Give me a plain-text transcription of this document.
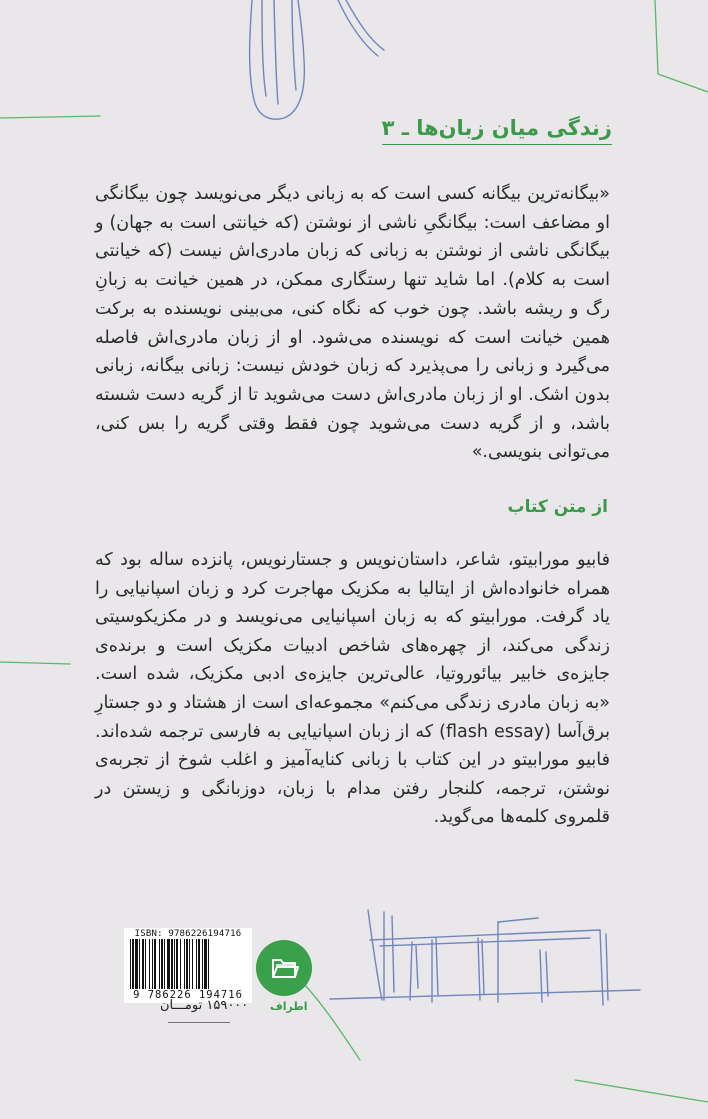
زندگی میان زبان‌ها ـ ۳

«بیگانه‌ترین بیگانه کسی است که به زبانی دیگر می‌نویسد چون بیگانگی او مضاعف است: بیگانگیِ ناشی از نوشتن (که خیانتی است به جهان) و بیگانگی ناشی از نوشتن به زبانی که زبان مادری‌اش نیست (که خیانتی است به کلام). اما شاید تنها رستگاری ممکن، در همین خیانت به زبانِ رگ و ریشه باشد. چون خوب که نگاه کنی، می‌بینی نویسنده به برکت همین خیانت است که نویسنده می‌شود. او از زبان مادری‌اش فاصله می‌گیرد و زبانی را می‌پذیرد که زبان خودش نیست: زبانی بیگانه، زبانی بدون اشک. او از زبان مادری‌اش دست می‌شوید تا از گریه دست شسته باشد، و از گریه دست می‌شوید چون فقط وقتی گریه را بس کنی، می‌توانی بنویسی.»

از متن کتاب

فابیو مورابیتو، شاعر، داستان‌نویس و جستارنویس، پانزده ساله بود که همراه خانواده‌اش از ایتالیا به مکزیک مهاجرت کرد و زبان اسپانیایی را یاد گرفت. مورابیتو که به زبان اسپانیایی می‌نویسد و در مکزیکوسیتی زندگی می‌کند، از چهره‌های شاخص ادبیات مکزیک است و برنده‌ی جایزه‌ی خابیر بیائوروتیا، عالی‌ترین جایزه‌ی ادبی مکزیک، شده است. «به زبان مادری زندگی می‌کنم» مجموعه‌ای است از هشتاد و دو جستارِ برق‌آسا (flash essay) که از زبان اسپانیایی به فارسی ترجمه شده‌اند. فابیو مورابیتو در این کتاب با زبانی کنایه‌آمیز و اغلب شوخ از تجربه‌ی نوشتن، ترجمه، کلنجار رفتن مدام با زبان، دوزبانگی و زیستن در قلمروی کلمه‌ها می‌گوید.

ISBN: 9786226194716
9 786226 194716
۱۵۹۰۰۰ تومـــان اطراف
